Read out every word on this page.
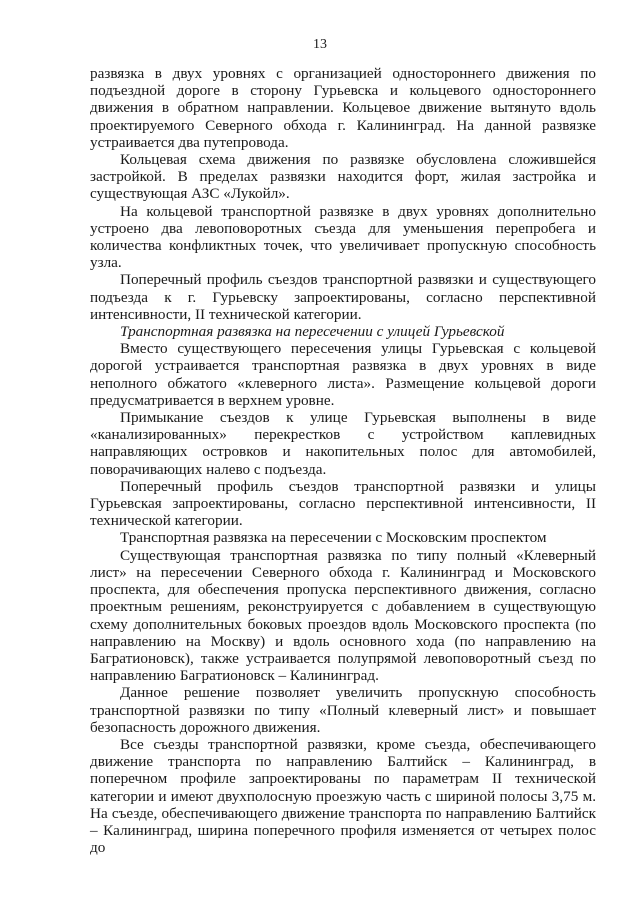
13

развязка в двух уровнях с организацией одностороннего движения по подъездной дороге в сторону Гурьевска и кольцевого одностороннего движения в обратном направлении. Кольцевое движение вытянуто вдоль проектируемого Северного обхода г. Калининград. На данной развязке устраивается два путепровода.

Кольцевая схема движения по развязке обусловлена сложившейся застройкой. В пределах развязки находится форт, жилая застройка и существующая АЗС «Лукойл».

На кольцевой транспортной развязке в двух уровнях дополнительно устроено два левоповоротных съезда для уменьшения перепробега и количества конфликтных точек, что увеличивает пропускную способность узла.

Поперечный профиль съездов транспортной развязки и существующего подъезда к г. Гурьевску запроектированы, согласно перспективной интенсивности, II технической категории.

Транспортная развязка на пересечении с улицей Гурьевской

Вместо существующего пересечения улицы Гурьевская с кольцевой дорогой устраивается транспортная развязка в двух уровнях в виде неполного обжатого «клеверного листа». Размещение кольцевой дороги предусматривается в верхнем уровне.

Примыкание съездов к улице Гурьевская выполнены в виде «канализированных» перекрестков с устройством каплевидных направляющих островков и накопительных полос для автомобилей, поворачивающих налево с подъезда.

Поперечный профиль съездов транспортной развязки и улицы Гурьевская запроектированы, согласно перспективной интенсивности, II технической категории.

Транспортная развязка на пересечении с Московским проспектом

Существующая транспортная развязка по типу полный «Клеверный лист» на пересечении Северного обхода г. Калининград и Московского проспекта, для обеспечения пропуска перспективного движения, согласно проектным решениям, реконструируется с добавлением в существующую схему дополнительных боковых проездов вдоль Московского проспекта (по направлению на Москву) и вдоль основного хода (по направлению на Багратионовск), также устраивается полупрямой левоповоротный съезд по направлению Багратионовск – Калининград.

Данное решение позволяет увеличить пропускную способность транспортной развязки по типу «Полный клеверный лист» и повышает безопасность дорожного движения.

Все съезды транспортной развязки, кроме съезда, обеспечивающего движение транспорта по направлению Балтийск – Калининград, в поперечном профиле запроектированы по параметрам II технической категории и имеют двухполосную проезжую часть с шириной полосы 3,75 м. На съезде, обеспечивающего движение транспорта по направлению Балтийск – Калининград, ширина поперечного профиля изменяется от четырех полос до
